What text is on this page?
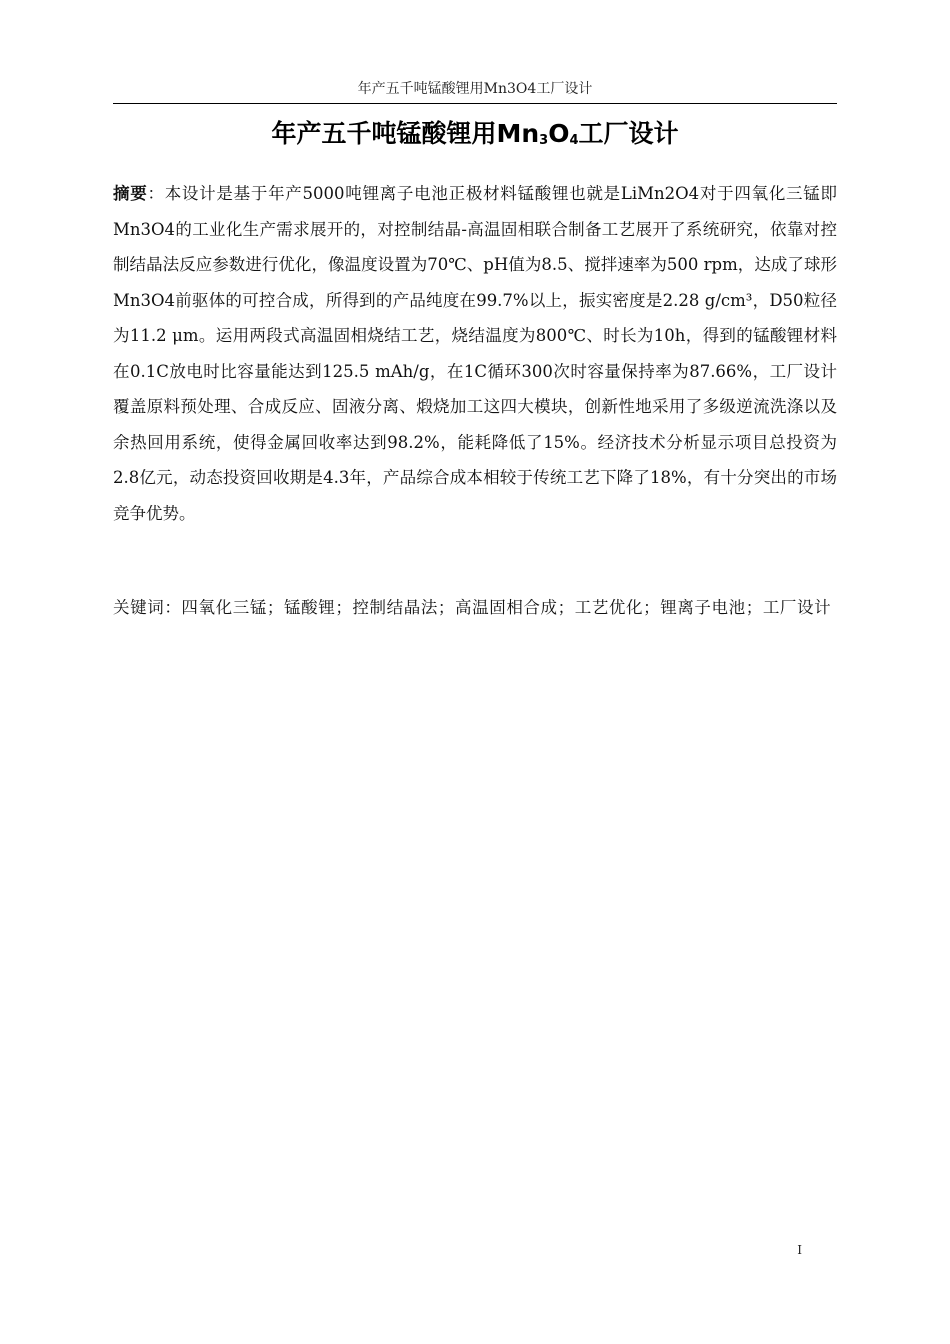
年产五千吨锰酸锂用Mn3O4工厂设计
年产五千吨锰酸锂用$Mn_3O_4$工厂设计

摘要：本设计是基于年产5000吨锂离子电池正极材料锰酸锂也就是LiMn2O4对于四氧化三锰即Mn3O4的工业化生产需求展开的，对控制结晶-高温固相联合制备工艺展开了系统研究，依靠对控制结晶法反应参数进行优化，像温度设置为70℃、pH值为8.5、搅拌速率为500 rpm，达成了球形Mn3O4前驱体的可控合成，所得到的产品纯度在99.7%以上，振实密度是2.28 g/cm³，D50粒径为11.2 μm。运用两段式高温固相烧结工艺，烧结温度为800℃、时长为10h，得到的锰酸锂材料在0.1C放电时比容量能达到125.5 mAh/g，在1C循环300次时容量保持率为87.66%，工厂设计覆盖原料预处理、合成反应、固液分离、煅烧加工这四大模块，创新性地采用了多级逆流洗涤以及余热回用系统，使得金属回收率达到98.2%，能耗降低了15%。经济技术分析显示项目总投资为2.8亿元，动态投资回收期是4.3年，产品综合成本相较于传统工艺下降了18%，有十分突出的市场竞争优势。

关键词：四氧化三锰；锰酸锂；控制结晶法；高温固相合成；工艺优化；锂离子电池；工厂设计

I
